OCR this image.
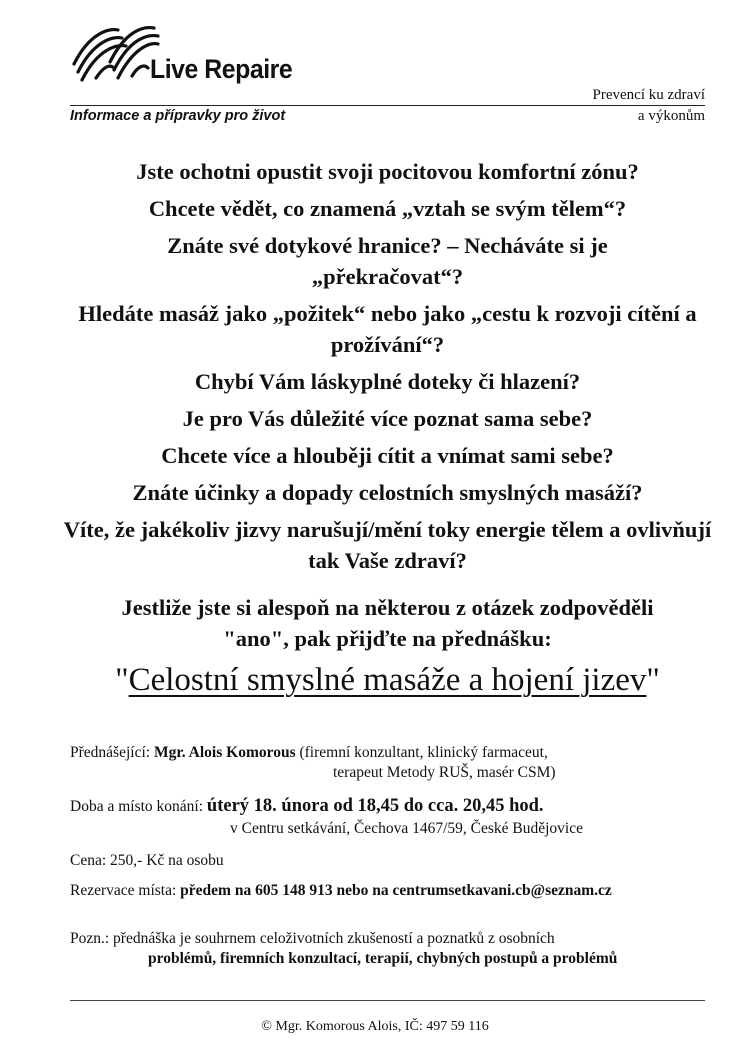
Live Repaire
Prevencí ku zdraví
Informace a přípravky pro život	a výkonům

Jste ochotni opustit svoji pocitovou komfortní zónu?

Chcete vědět, co znamená „vztah se svým tělem“?

Znáte své dotykové hranice? – Necháváte si je „překračovat“?

Hledáte masáž jako „požitek“ nebo jako „cestu k rozvoji cítění a prožívání“?

Chybí Vám láskyplné doteky či hlazení?

Je pro Vás důležité více poznat sama sebe?

Chcete více a hlouběji cítit a vnímat sami sebe?

Znáte účinky a dopady celostních smyslných masáží?

Víte, že jakékoliv jizvy narušují/mění toky energie tělem a ovlivňují tak Vaše zdraví?

Jestliže jste si alespoň na některou z otázek zodpověděli
"ano", pak přijďte na přednášku:
"Celostní smyslné masáže a hojení jizev"
Přednášející: Mgr. Alois Komorous (firemní konzultant, klinický farmaceut,
terapeut Metody RUŠ, masér CSM)
Doba a místo konání: úterý 18. února od 18,45 do cca. 20,45 hod.
v Centru setkávání, Čechova 1467/59, České Budějovice
Cena: 250,- Kč na osobu
Rezervace místa: předem na 605 148 913 nebo na centrumsetkavani.cb@seznam.cz
Pozn.: přednáška je souhrnem celoživotních zkušeností a poznatků z osobních
problémů, firemních konzultací, terapií, chybných postupů a problémů
© Mgr. Komorous Alois, IČ: 497 59 116
